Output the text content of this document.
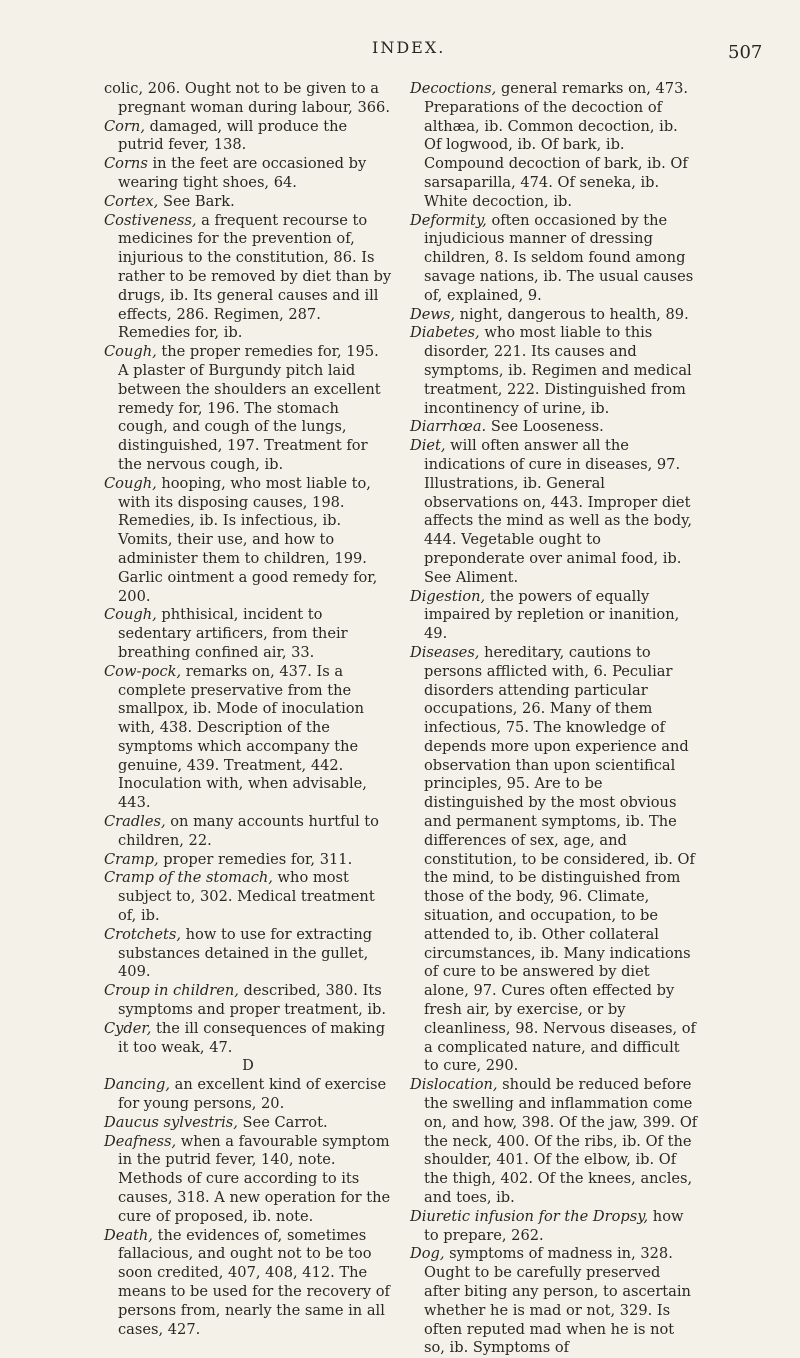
INDEX.	507

colic, 206. Ought not to be given to a pregnant woman during labour, 366.

Corn, damaged, will produce the putrid fever, 138.

Corns in the feet are occasioned by wearing tight shoes, 64.

Cortex, See Bark.

Costiveness, a frequent recourse to medicines for the prevention of, injurious to the constitution, 86. Is rather to be removed by diet than by drugs, ib. Its general causes and ill effects, 286. Regimen, 287. Remedies for, ib.

Cough, the proper remedies for, 195. A plaster of Burgundy pitch laid between the shoulders an excellent remedy for, 196. The stomach cough, and cough of the lungs, distinguished, 197. Treatment for the nervous cough, ib.

Cough, hooping, who most liable to, with its disposing causes, 198. Remedies, ib. Is infectious, ib. Vomits, their use, and how to administer them to children, 199. Garlic ointment a good remedy for, 200.

Cough, phthisical, incident to sedentary artificers, from their breathing confined air, 33.

Cow-pock, remarks on, 437. Is a complete preservative from the smallpox, ib. Mode of inoculation with, 438. Description of the symptoms which accompany the genuine, 439. Treatment, 442. Inoculation with, when advisable, 443.

Cradles, on many accounts hurtful to children, 22.

Cramp, proper remedies for, 311.

Cramp of the stomach, who most subject to, 302. Medical treatment of, ib.

Crotchets, how to use for extracting substances detained in the gullet, 409.

Croup in children, described, 380. Its symptoms and proper treatment, ib.

Cyder, the ill consequences of making it too weak, 47.

D

Dancing, an excellent kind of exercise for young persons, 20.

Daucus sylvestris, See Carrot.

Deafness, when a favourable symptom in the putrid fever, 140, note. Methods of cure according to its causes, 318. A new operation for the cure of proposed, ib. note.

Death, the evidences of, sometimes fallacious, and ought not to be too soon credited, 407, 408, 412. The means to be used for the recovery of persons from, nearly the same in all cases, 427.

Decoctions, general remarks on, 473. Preparations of the decoction of althæa, ib. Common decoction, ib. Of logwood, ib. Of bark, ib. Compound decoction of bark, ib. Of sarsaparilla, 474. Of seneka, ib. White decoction, ib.

Deformity, often occasioned by the injudicious manner of dressing children, 8. Is seldom found among savage nations, ib. The usual causes of, explained, 9.

Dews, night, dangerous to health, 89.

Diabetes, who most liable to this disorder, 221. Its causes and symptoms, ib. Regimen and medical treatment, 222. Distinguished from incontinency of urine, ib.

Diarrhœa. See Looseness.

Diet, will often answer all the indications of cure in diseases, 97. Illustrations, ib. General observations on, 443. Improper diet affects the mind as well as the body, 444. Vegetable ought to preponderate over animal food, ib. See Aliment.

Digestion, the powers of equally impaired by repletion or inanition, 49.

Diseases, hereditary, cautions to persons afflicted with, 6. Peculiar disorders attending particular occupations, 26. Many of them infectious, 75. The knowledge of depends more upon experience and observation than upon scientifical principles, 95. Are to be distinguished by the most obvious and permanent symptoms, ib. The differences of sex, age, and constitution, to be considered, ib. Of the mind, to be distinguished from those of the body, 96. Climate, situation, and occupation, to be attended to, ib. Other collateral circumstances, ib. Many indications of cure to be answered by diet alone, 97. Cures often effected by fresh air, by exercise, or by cleanliness, 98. Nervous diseases, of a complicated nature, and difficult to cure, 290.

Dislocation, should be reduced before the swelling and inflammation come on, and how, 398. Of the jaw, 399. Of the neck, 400. Of the ribs, ib. Of the shoulder, 401. Of the elbow, ib. Of the thigh, 402. Of the knees, ancles, and toes, ib.

Diuretic infusion for the Dropsy, how to prepare, 262.

Dog, symptoms of madness in, 328. Ought to be carefully preserved after biting any person, to ascertain whether he is mad or not, 329. Is often reputed mad when he is not so, ib. Symptoms of
